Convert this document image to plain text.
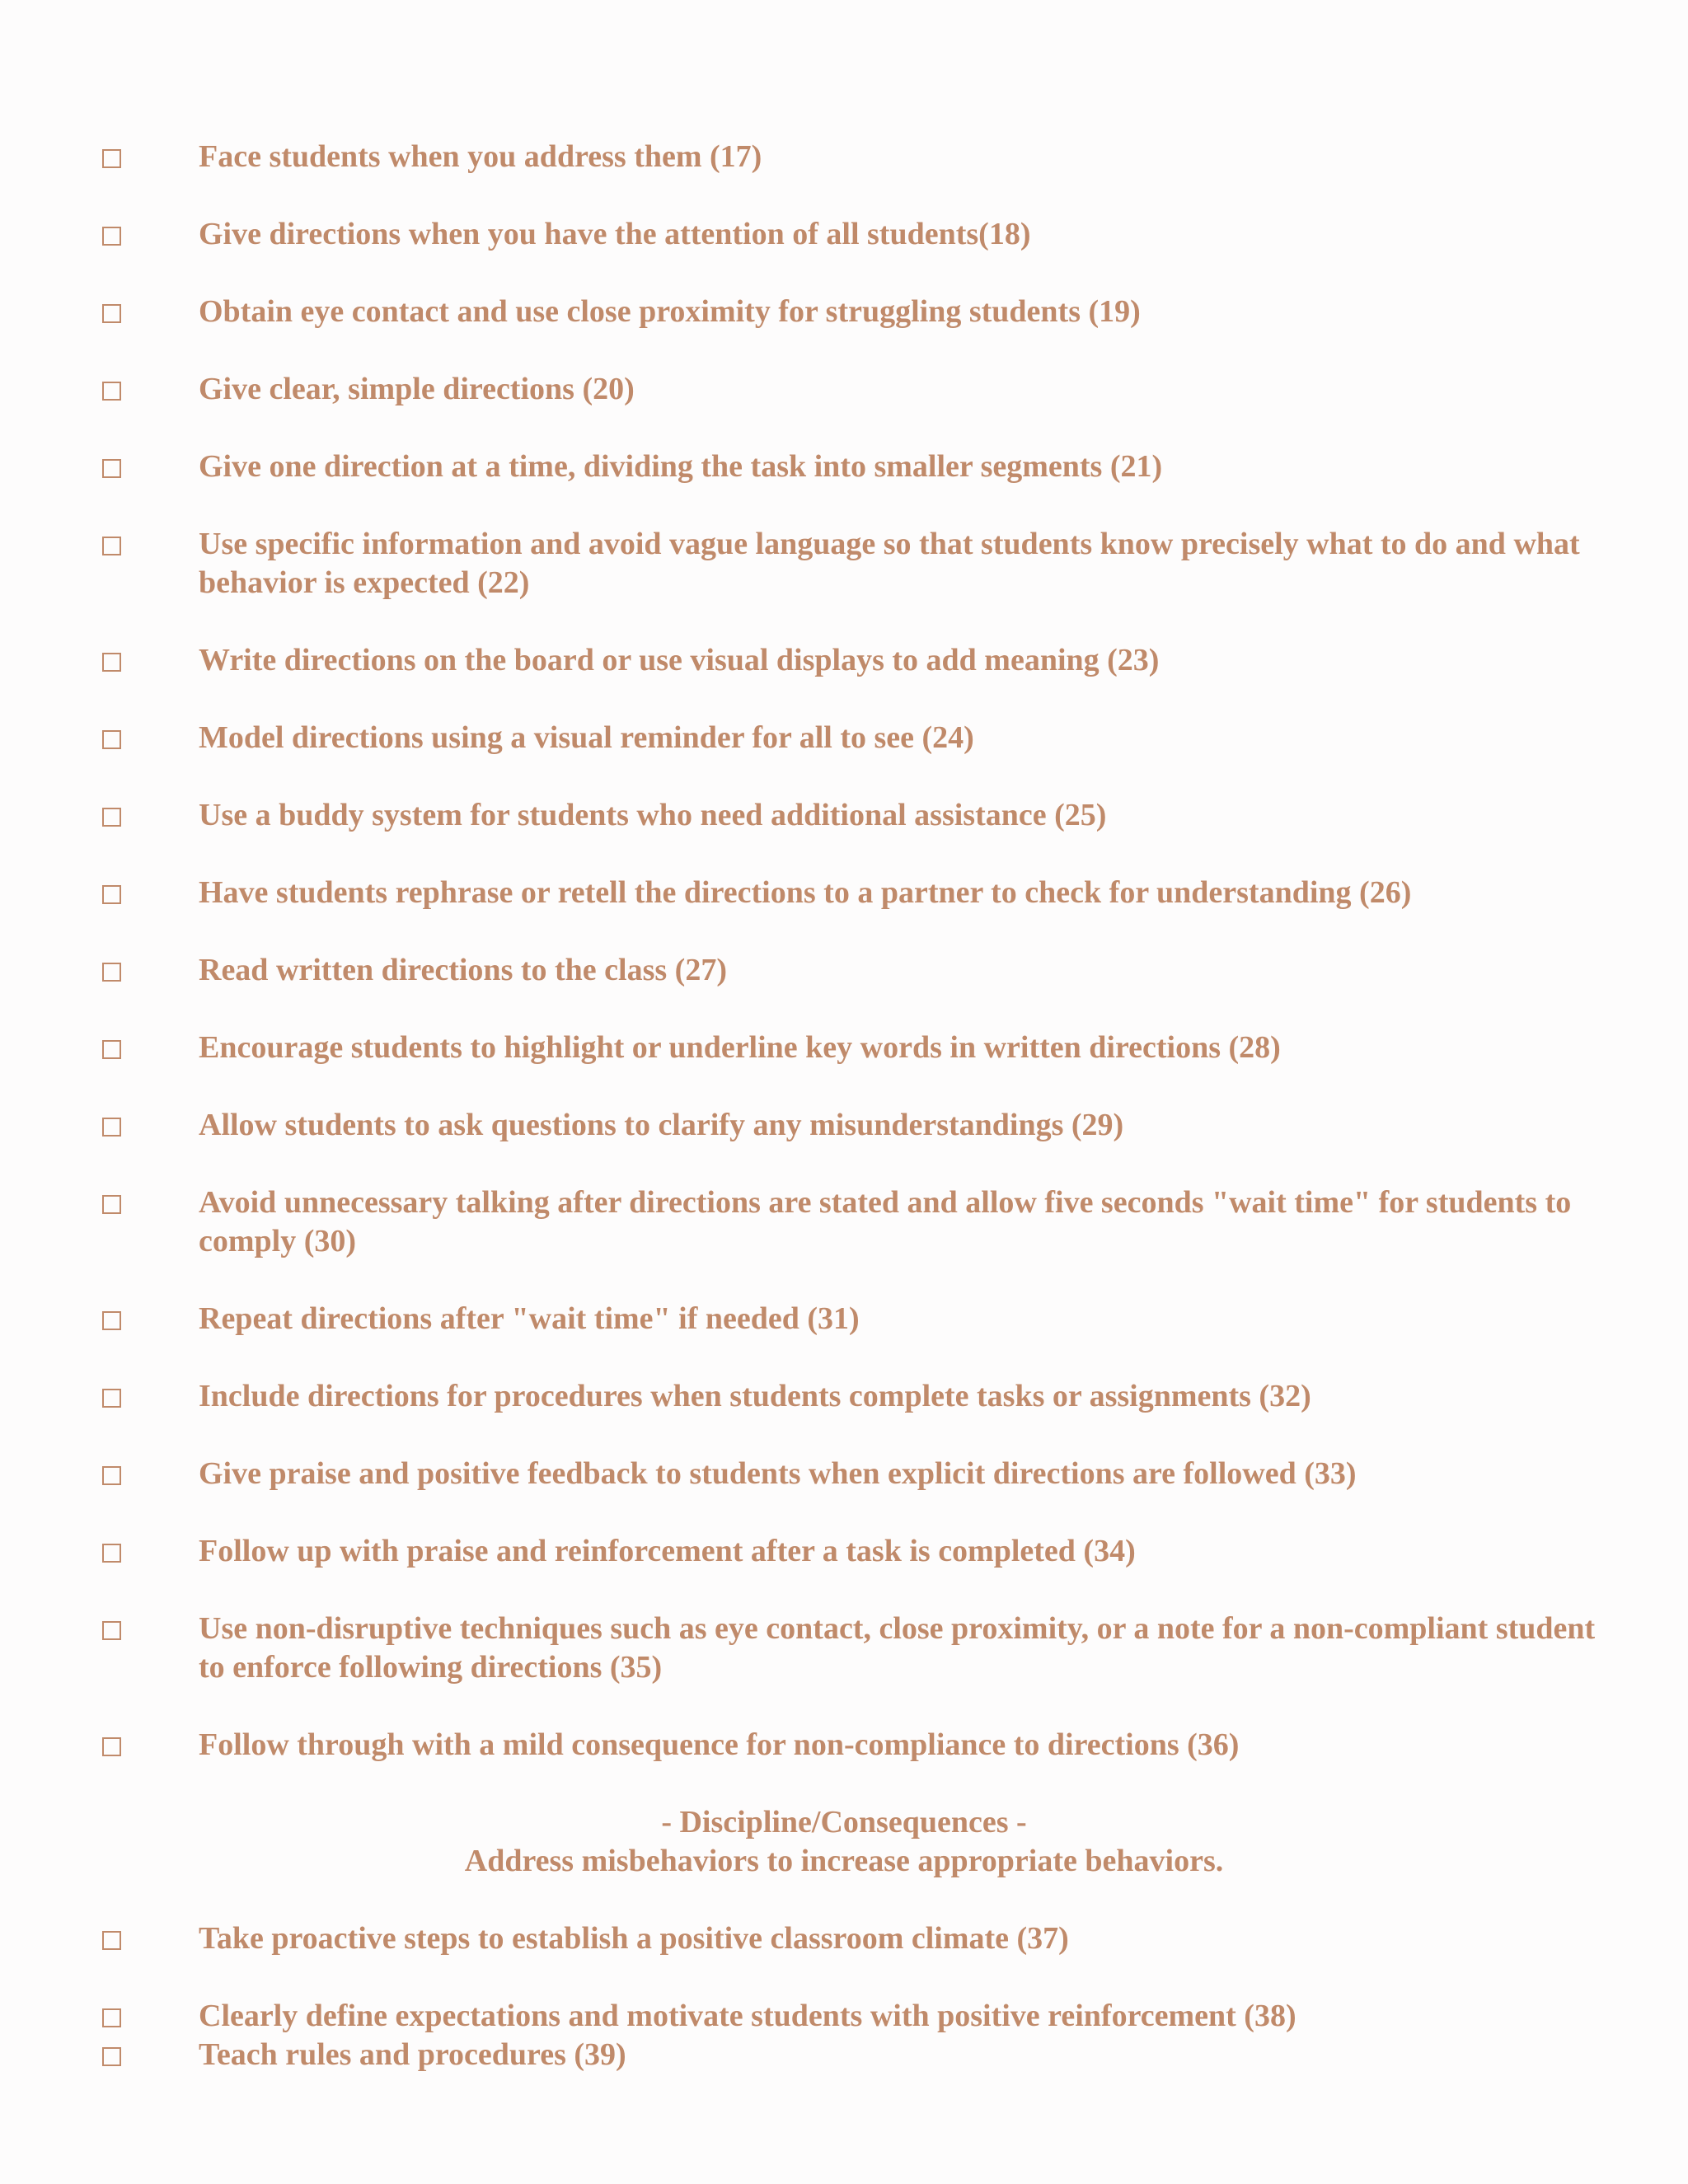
Face students when you address them (17)
Give directions when you have the attention of all students(18)
Obtain eye contact and use close proximity for struggling students (19)
Give clear, simple directions (20)
Give one direction at a time, dividing the task into smaller segments (21)
Use specific information and avoid vague language so that students know precisely what to do and what behavior is expected (22)
Write directions on the board or use visual displays to add meaning (23)
Model directions using a visual reminder for all to see (24)
Use a buddy system for students who need additional assistance (25)
Have students rephrase or retell the directions to a partner to check for understanding (26)
Read written directions to the class (27)
Encourage students to highlight or underline key words in written directions (28)
Allow students to ask questions to clarify any misunderstandings (29)
Avoid unnecessary talking after directions are stated and allow five seconds "wait time" for students to comply (30)
Repeat directions after "wait time" if needed (31)
Include directions for procedures when students complete tasks or assignments (32)
Give praise and positive feedback to students when explicit directions are followed (33)
Follow up with praise and reinforcement after a task is completed (34)
Use non-disruptive techniques such as eye contact, close proximity, or a note for a non-compliant student to enforce following directions (35)
Follow through with a mild consequence for non-compliance to directions (36)
- Discipline/Consequences -
Address misbehaviors to increase appropriate behaviors.
Take proactive steps to establish a positive classroom climate (37)
Clearly define expectations and motivate students with positive reinforcement (38)
Teach rules and procedures (39)
